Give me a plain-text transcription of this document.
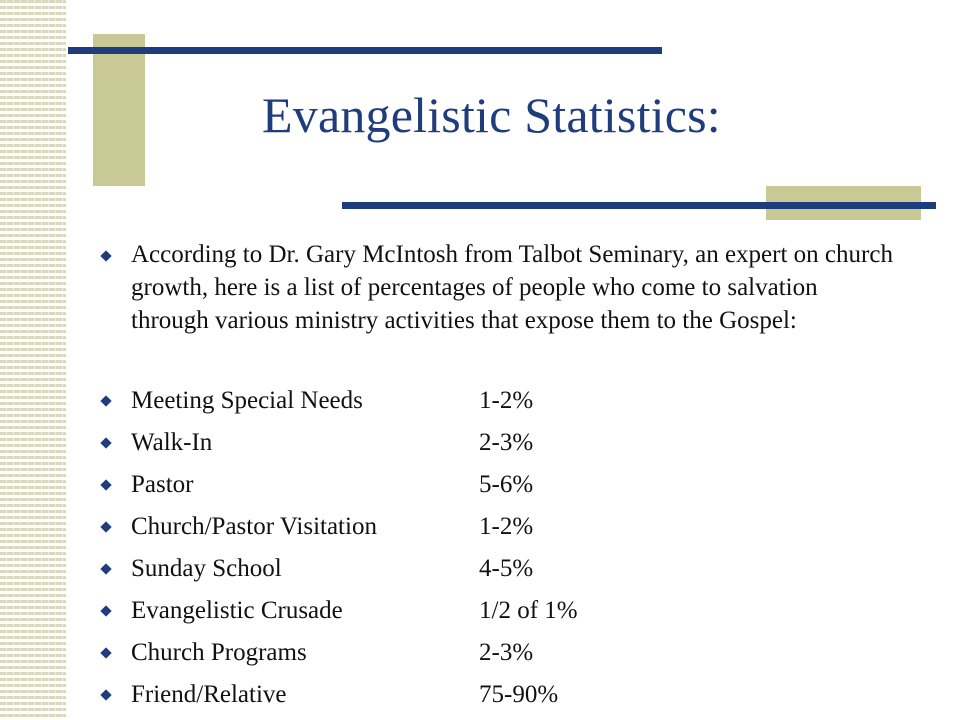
Evangelistic Statistics:
According to Dr. Gary McIntosh from Talbot Seminary, an expert on church growth, here is a list of percentages of people who come to salvation through various ministry activities that expose them to the Gospel:
Meeting Special Needs	1-2%
Walk-In	2-3%
Pastor	5-6%
Church/Pastor Visitation	1-2%
Sunday School	4-5%
Evangelistic Crusade	1/2 of 1%
Church Programs	2-3%
Friend/Relative	75-90%
